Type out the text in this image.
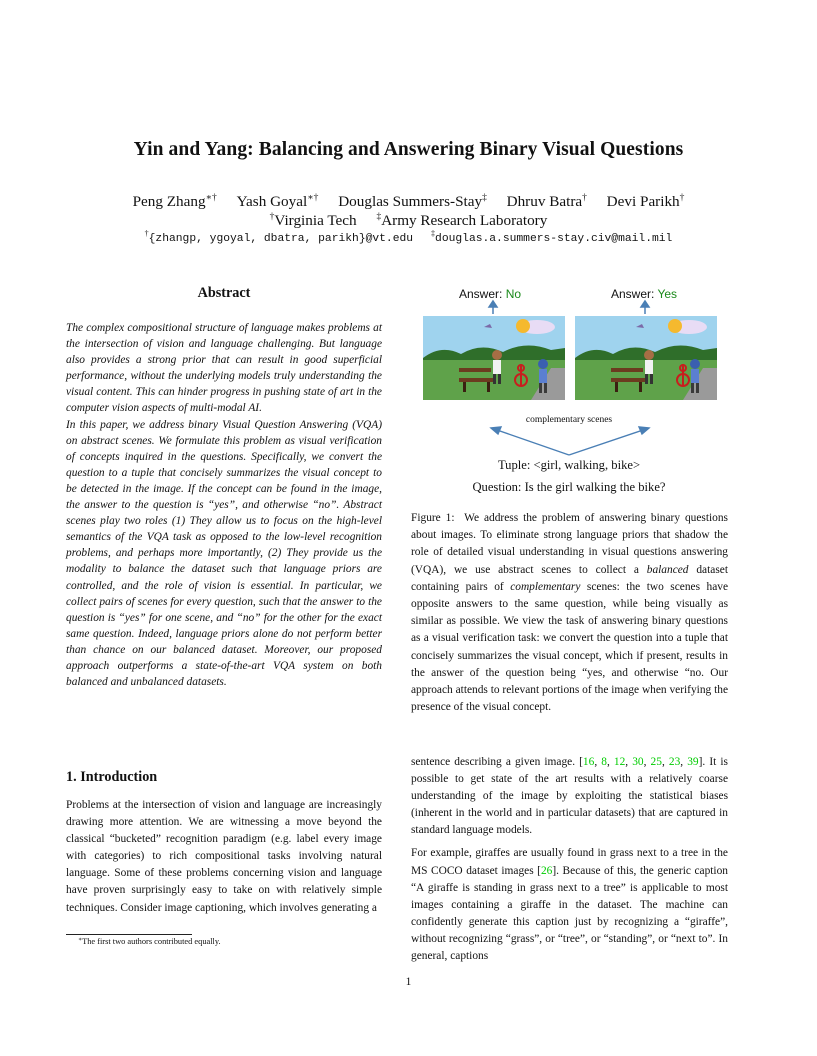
Yin and Yang: Balancing and Answering Binary Visual Questions
Peng Zhang∗† Yash Goyal∗† Douglas Summers-Stay‡ Dhruv Batra† Devi Parikh†
†Virginia Tech ‡Army Research Laboratory
†{zhangp, ygoyal, dbatra, parikh}@vt.edu ‡douglas.a.summers-stay.civ@mail.mil
Abstract

The complex compositional structure of language makes problems at the intersection of vision and language challenging. But language also provides a strong prior that can result in good superficial performance, without the underlying models truly understanding the visual content. This can hinder progress in pushing state of art in the computer vision aspects of multi-modal AI.

In this paper, we address binary Visual Question Answering (VQA) on abstract scenes. We formulate this problem as visual verification of concepts inquired in the questions. Specifically, we convert the question to a tuple that concisely summarizes the visual concept to be detected in the image. If the concept can be found in the image, the answer to the question is “yes”, and otherwise “no”. Abstract scenes play two roles (1) They allow us to focus on the high-level semantics of the VQA task as opposed to the low-level recognition problems, and perhaps more importantly, (2) They provide us the modality to balance the dataset such that language priors are controlled, and the role of vision is essential. In particular, we collect pairs of scenes for every question, such that the answer to the question is “yes” for one scene, and “no” for the other for the exact same question. Indeed, language priors alone do not perform better than chance on our balanced dataset. Moreover, our proposed approach outperforms a state-of-the-art VQA system on both balanced and unbalanced datasets.

Answer: No	Answer: Yes
complementary scenes
Tuple: <girl, walking, bike>
Question: Is the girl walking the bike?

Figure 1: We address the problem of answering binary questions about images. To eliminate strong language priors that shadow the role of detailed visual understanding in visual questions answering (VQA), we use abstract scenes to collect a balanced dataset containing pairs of complementary scenes: the two scenes have opposite answers to the same question, while being visually as similar as possible. We view the task of answering binary questions as a visual verification task: we convert the question into a tuple that concisely summarizes the visual concept, which if present, results in the answer of the question being “yes, and otherwise “no. Our approach attends to relevant portions of the image when verifying the presence of the visual concept.

1. Introduction

Problems at the intersection of vision and language are increasingly drawing more attention. We are witnessing a move beyond the classical “bucketed” recognition paradigm (e.g. label every image with categories) to rich compositional tasks involving natural language. Some of these problems concerning vision and language have proven surprisingly easy to take on with relatively simple techniques. Consider image captioning, which involves generating a

∗The first two authors contributed equally.

sentence describing a given image. [16, 8, 12, 30, 25, 23, 39]. It is possible to get state of the art results with a relatively coarse understanding of the image by exploiting the statistical biases (inherent in the world and in particular datasets) that are captured in standard language models.

For example, giraffes are usually found in grass next to a tree in the MS COCO dataset images [26]. Because of this, the generic caption “A giraffe is standing in grass next to a tree” is applicable to most images containing a giraffe in the dataset. The machine can confidently generate this caption just by recognizing a “giraffe”, without recognizing “grass”, or “tree”, or “standing”, or “next to”. In general, captions

1
